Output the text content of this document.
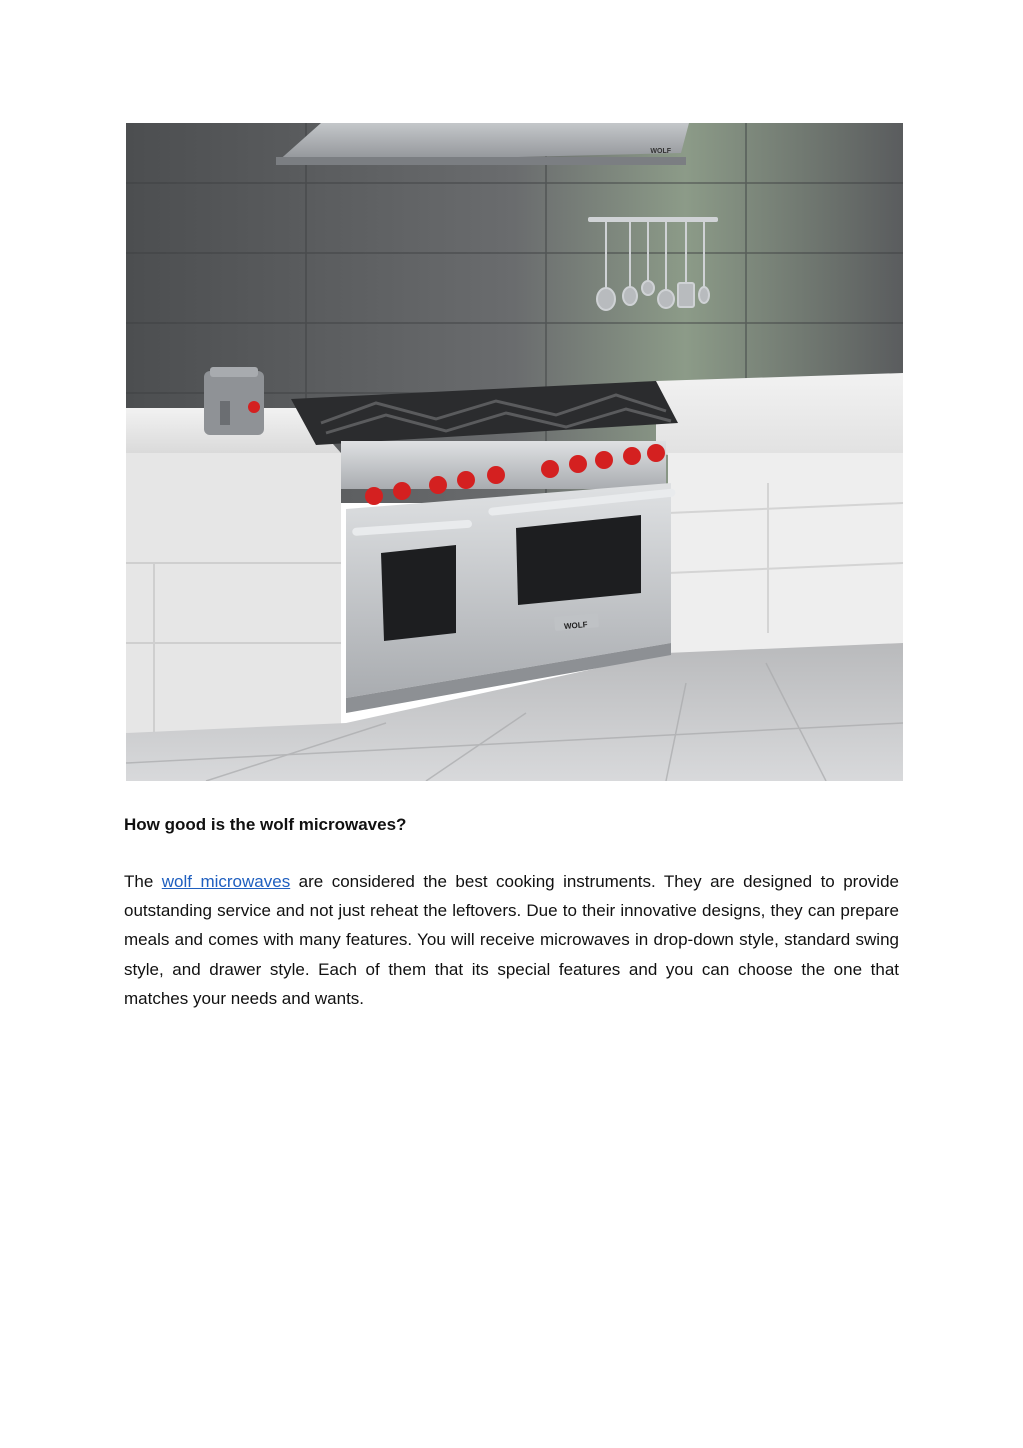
WOLF
WOLF
How good is the wolf microwaves?

The wolf microwaves are considered the best cooking instruments. They are designed to provide outstanding service and not just reheat the leftovers. Due to their innovative designs, they can prepare meals and comes with many features. You will receive microwaves in drop-down style, standard swing style, and drawer style. Each of them that its special features and you can choose the one that matches your needs and wants.
